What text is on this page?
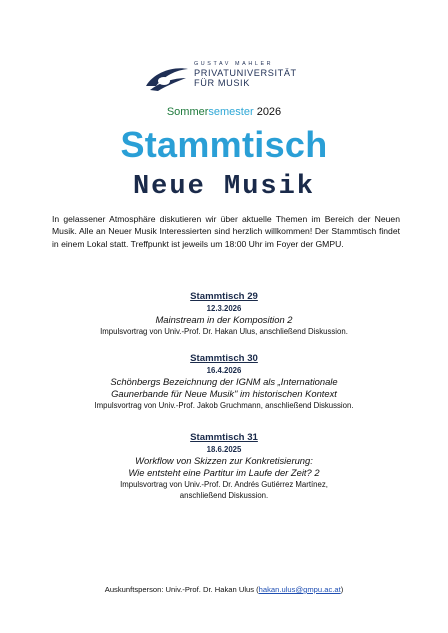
GUSTAV MAHLER
PRIVATUNIVERSITÄT
FÜR MUSIK
Sommersemester 2026
Stammtisch
Neue Musik
In gelassener Atmosphäre diskutieren wir über aktuelle Themen im Bereich der Neuen Musik. Alle an Neuer Musik Interessierten sind herzlich willkommen! Der Stammtisch findet in einem Lokal statt. Treffpunkt ist jeweils um 18:00 Uhr im Foyer der GMPU.
Stammtisch 29
12.3.2026
Mainstream in der Komposition 2
Impulsvortrag von Univ.-Prof. Dr. Hakan Ulus, anschließend Diskussion.
Stammtisch 30
16.4.2026
Schönbergs Bezeichnung der IGNM als „Internationale
Gaunerbande für Neue Musik" im historischen Kontext
Impulsvortrag von Univ.-Prof. Jakob Gruchmann, anschließend Diskussion.
Stammtisch 31
18.6.2025
Workflow von Skizzen zur Konkretisierung:
Wie entsteht eine Partitur im Laufe der Zeit? 2
Impulsvortrag von Univ.-Prof. Dr. Andrés Gutiérrez Martínez,
anschließend Diskussion.
Auskunftsperson: Univ.-Prof. Dr. Hakan Ulus (hakan.ulus@gmpu.ac.at)
